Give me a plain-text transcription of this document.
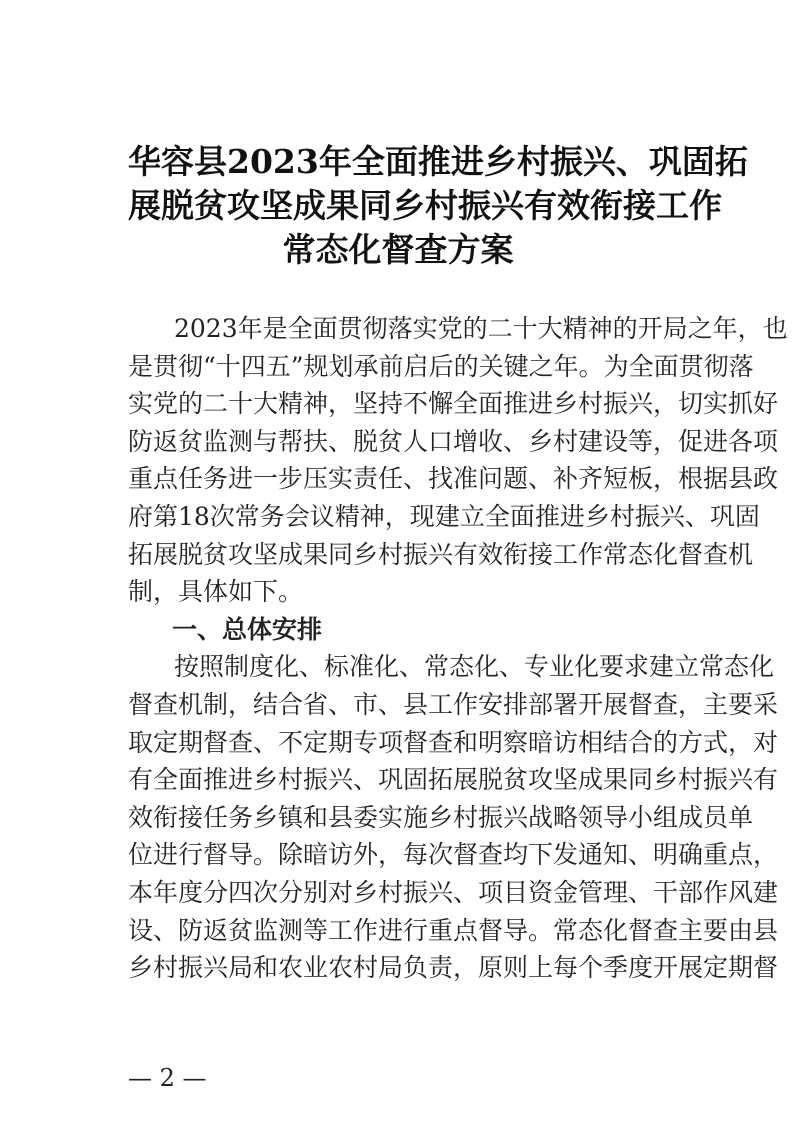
华容县2023年全面推进乡村振兴、巩固拓
展脱贫攻坚成果同乡村振兴有效衔接工作
常态化督查方案
2023年是全面贯彻落实党的二十大精神的开局之年，也
是贯彻“十四五”规划承前启后的关键之年。为全面贯彻落
实党的二十大精神，坚持不懈全面推进乡村振兴，切实抓好
防返贫监测与帮扶、脱贫人口增收、乡村建设等，促进各项
重点任务进一步压实责任、找准问题、补齐短板，根据县政
府第18次常务会议精神，现建立全面推进乡村振兴、巩固
拓展脱贫攻坚成果同乡村振兴有效衔接工作常态化督查机
制，具体如下。
一、总体安排
按照制度化、标准化、常态化、专业化要求建立常态化
督查机制，结合省、市、县工作安排部署开展督查，主要采
取定期督查、不定期专项督查和明察暗访相结合的方式，对
有全面推进乡村振兴、巩固拓展脱贫攻坚成果同乡村振兴有
效衔接任务乡镇和县委实施乡村振兴战略领导小组成员单
位进行督导。除暗访外，每次督查均下发通知、明确重点，
本年度分四次分别对乡村振兴、项目资金管理、干部作风建
设、防返贫监测等工作进行重点督导。常态化督查主要由县
乡村振兴局和农业农村局负责，原则上每个季度开展定期督
— 2 —
